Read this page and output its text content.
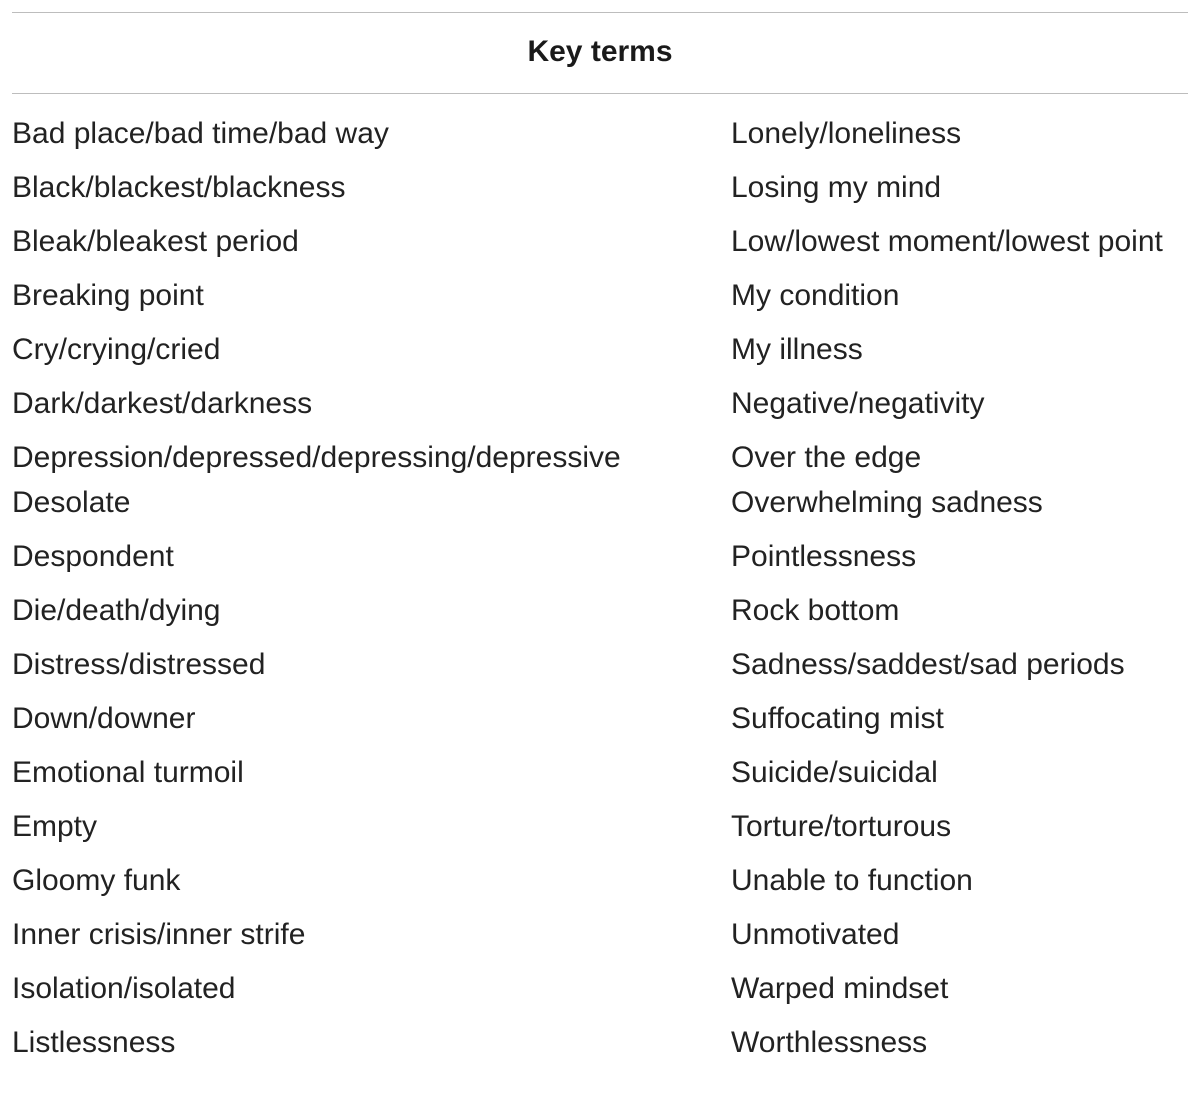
Key terms
Bad place/bad time/bad way	Lonely/loneliness
Black/blackest/blackness	Losing my mind
Bleak/bleakest period	Low/lowest moment/lowest point
Breaking point	My condition
Cry/crying/cried	My illness
Dark/darkest/darkness	Negative/negativity
Depression/depressed/depressing/depressive	Over the edge
Desolate	Overwhelming sadness
Despondent	Pointlessness
Die/death/dying	Rock bottom
Distress/distressed	Sadness/saddest/sad periods
Down/downer	Suffocating mist
Emotional turmoil	Suicide/suicidal
Empty	Torture/torturous
Gloomy funk	Unable to function
Inner crisis/inner strife	Unmotivated
Isolation/isolated	Warped mindset
Listlessness	Worthlessness
